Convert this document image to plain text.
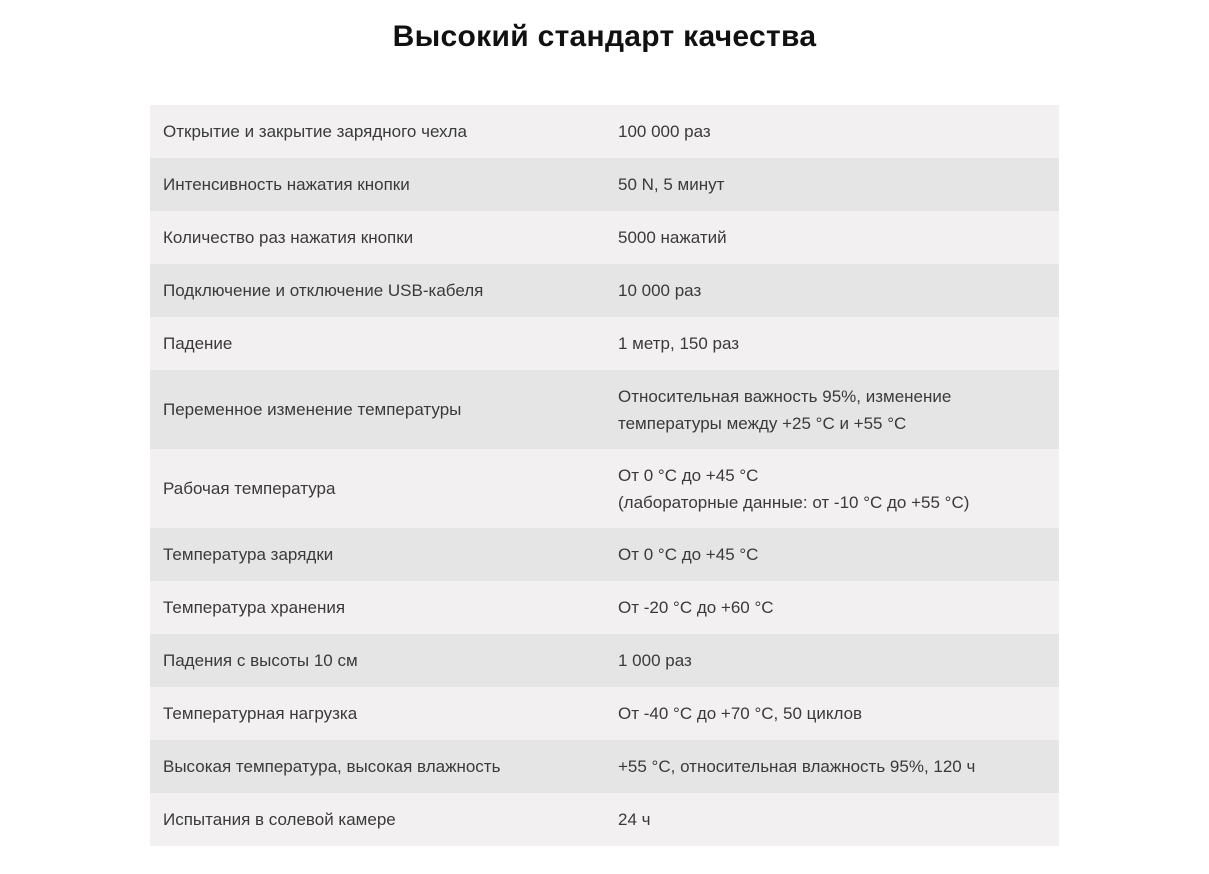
Высокий стандарт качества
Открытие и закрытие зарядного чехла	100 000 раз
Интенсивность нажатия кнопки	50 N, 5 минут
Количество раз нажатия кнопки	5000 нажатий
Подключение и отключение USB-кабеля	10 000 раз
Падение	1 метр, 150 раз
Переменное изменение температуры	Относительная важность 95%, изменение температуры между +25 °C и +55 °C
Рабочая температура	От 0 °C до +45 °C
(лабораторные данные: от -10 °C до +55 °C)

Температура зарядки	От 0 °C до +45 °C
Температура хранения	От -20 °C до +60 °C
Падения с высоты 10 см	1 000 раз
Температурная нагрузка	От -40 °C до +70 °C, 50 циклов
Высокая температура, высокая влажность	+55 °C, относительная влажность 95%, 120 ч
Испытания в солевой камере	24 ч
